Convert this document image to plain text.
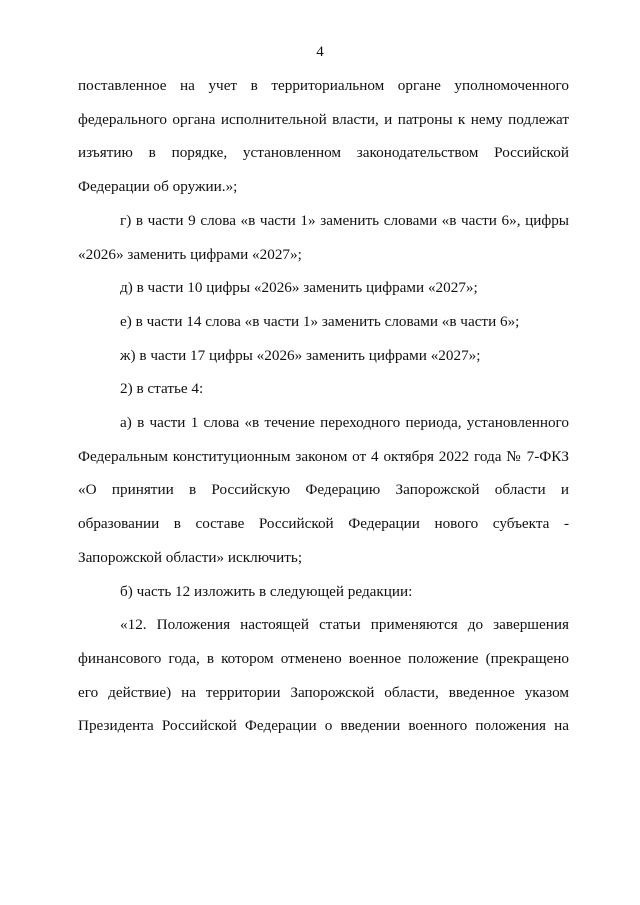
4

поставленное на учет в территориальном органе уполномоченного федерального органа исполнительной власти, и патроны к нему подлежат изъятию в порядке, установленном законодательством Российской Федерации об оружии.»;

г) в части 9 слова «в части 1» заменить словами «в части 6», цифры «2026» заменить цифрами «2027»;

д) в части 10 цифры «2026» заменить цифрами «2027»;

е) в части 14 слова «в части 1» заменить словами «в части 6»;

ж) в части 17 цифры «2026» заменить цифрами «2027»;

2) в статье 4:

а) в части 1 слова «в течение переходного периода, установленного Федеральным конституционным законом от 4 октября 2022 года № 7-ФКЗ «О принятии в Российскую Федерацию Запорожской области и образовании в составе Российской Федерации нового субъекта - Запорожской области» исключить;

б) часть 12 изложить в следующей редакции:

«12. Положения настоящей статьи применяются до завершения финансового года, в котором отменено военное положение (прекращено его действие) на территории Запорожской области, введенное указом Президента Российской Федерации о введении военного положения на
